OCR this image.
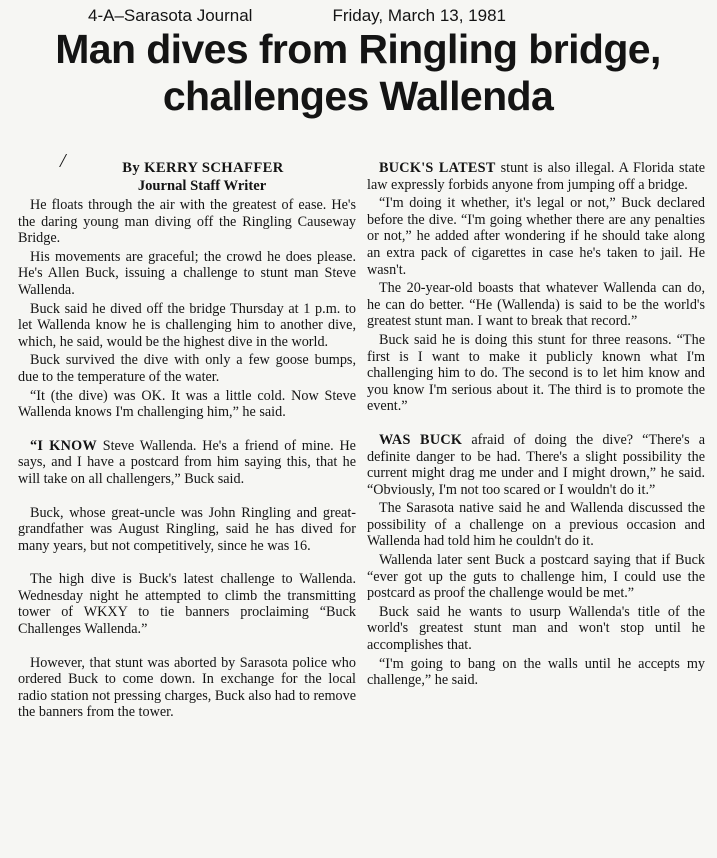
4-A–Sarasota Journal	Friday, March 13, 1981
Man dives from Ringling bridge, challenges Wallenda
/	By KERRY SCHAFFER

Journal Staff Writer

He floats through the air with the greatest of ease. He's the daring young man diving off the Ringling Causeway Bridge.

His movements are graceful; the crowd he does please. He's Allen Buck, issuing a challenge to stunt man Steve Wallenda.

Buck said he dived off the bridge Thursday at 1 p.m. to let Wallenda know he is challenging him to another dive, which, he said, would be the highest dive in the world.

Buck survived the dive with only a few goose bumps, due to the temperature of the water.

“It (the dive) was OK. It was a little cold. Now Steve Wallenda knows I'm challenging him,” he said.

“I KNOW Steve Wallenda. He's a friend of mine. He says, and I have a postcard from him saying this, that he will take on all challengers,” Buck said.

Buck, whose great-uncle was John Ringling and great-grandfather was August Ringling, said he has dived for many years, but not competitively, since he was 16.

The high dive is Buck's latest challenge to Wallenda. Wednesday night he attempted to climb the transmitting tower of WKXY to tie banners proclaiming “Buck Challenges Wallenda.”

However, that stunt was aborted by Sarasota police who ordered Buck to come down. In exchange for the local radio station not pressing charges, Buck also had to remove the banners from the tower.

BUCK'S LATEST stunt is also illegal. A Florida state law expressly forbids anyone from jumping off a bridge.

“I'm doing it whether, it's legal or not,” Buck declared before the dive. “I'm going whether there are any penalties or not,” he added after wondering if he should take along an extra pack of cigarettes in case he's taken to jail. He wasn't.

The 20-year-old boasts that whatever Wallenda can do, he can do better. “He (Wallenda) is said to be the world's greatest stunt man. I want to break that record.”

Buck said he is doing this stunt for three reasons. “The first is I want to make it publicly known what I'm challenging him to do. The second is to let him know and you know I'm serious about it. The third is to promote the event.”

WAS BUCK afraid of doing the dive? “There's a definite danger to be had. There's a slight possibility the current might drag me under and I might drown,” he said. “Obviously, I'm not too scared or I wouldn't do it.”

The Sarasota native said he and Wallenda discussed the possibility of a challenge on a previous occasion and Wallenda had told him he couldn't do it.

Wallenda later sent Buck a postcard saying that if Buck “ever got up the guts to challenge him, I could use the postcard as proof the challenge would be met.”

Buck said he wants to usurp Wallenda's title of the world's greatest stunt man and won't stop until he accomplishes that.

“I'm going to bang on the walls until he accepts my challenge,” he said.
